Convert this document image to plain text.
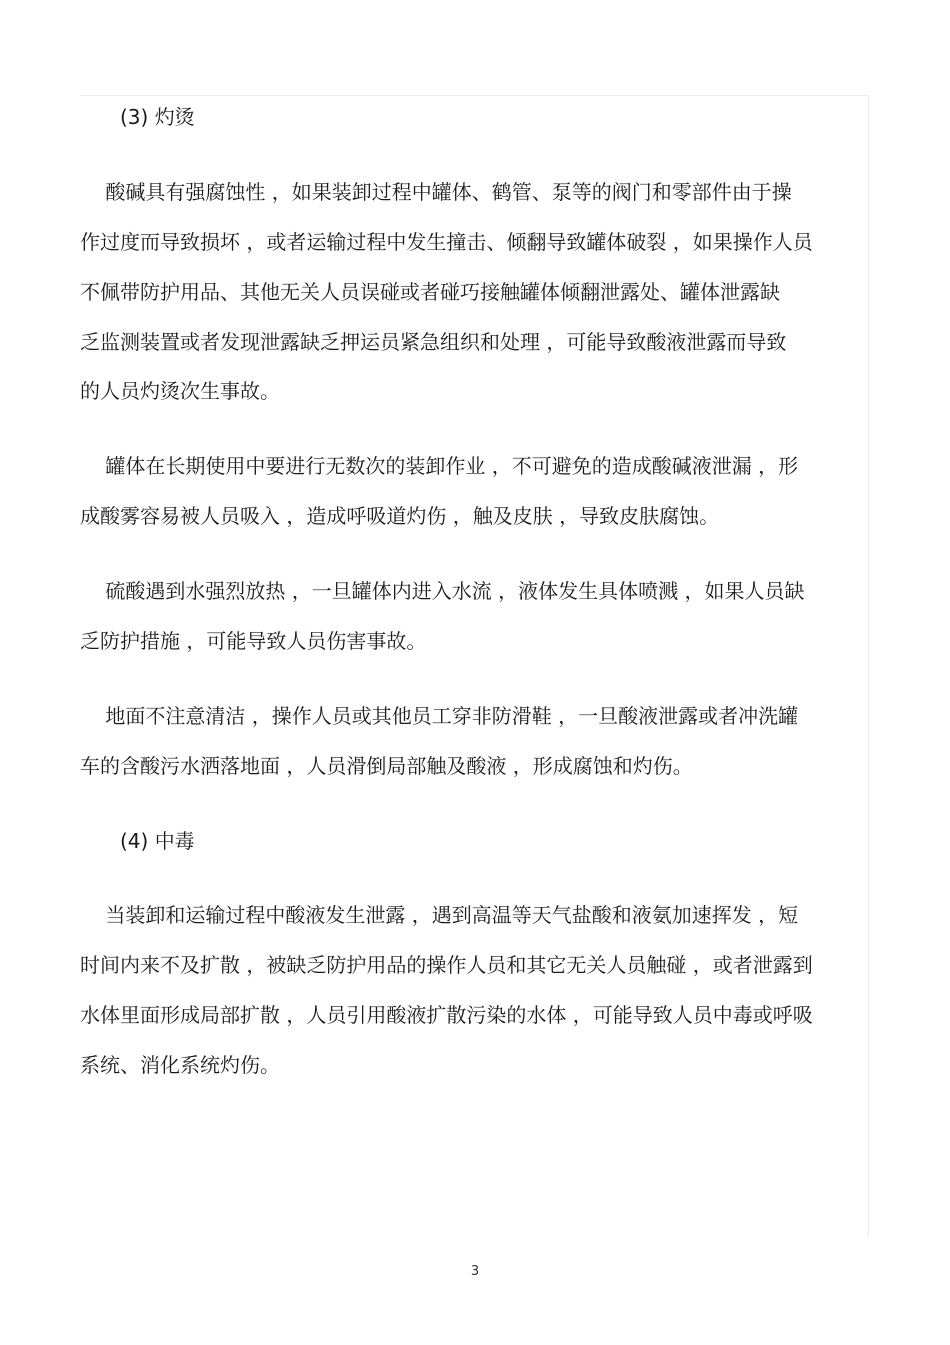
(3) 灼烫

酸碱具有强腐蚀性 ，如果装卸过程中罐体、鹤管、泵等的阀门和零部件由于操

作过度而导致损坏 ，或者运输过程中发生撞击、倾翻导致罐体破裂 ，如果操作人员

不佩带防护用品、其他无关人员误碰或者碰巧接触罐体倾翻泄露处、罐体泄露缺

乏监测装置或者发现泄露缺乏押运员紧急组织和处理 ，可能导致酸液泄露而导致

的人员灼烫次生事故。

罐体在长期使用中要进行无数次的装卸作业 ，不可避免的造成酸碱液泄漏 ，形

成酸雾容易被人员吸入 ，造成呼吸道灼伤 ，触及皮肤 ，导致皮肤腐蚀。

硫酸遇到水强烈放热 ，一旦罐体内进入水流 ，液体发生具体喷溅 ，如果人员缺

乏防护措施 ，可能导致人员伤害事故。

地面不注意清洁 ，操作人员或其他员工穿非防滑鞋 ，一旦酸液泄露或者冲洗罐

车的含酸污水洒落地面 ，人员滑倒局部触及酸液 ，形成腐蚀和灼伤。

(4) 中毒

当装卸和运输过程中酸液发生泄露 ，遇到高温等天气盐酸和液氨加速挥发 ，短

时间内来不及扩散 ，被缺乏防护用品的操作人员和其它无关人员触碰 ，或者泄露到

水体里面形成局部扩散 ，人员引用酸液扩散污染的水体 ，可能导致人员中毒或呼吸

系统、消化系统灼伤。

3
